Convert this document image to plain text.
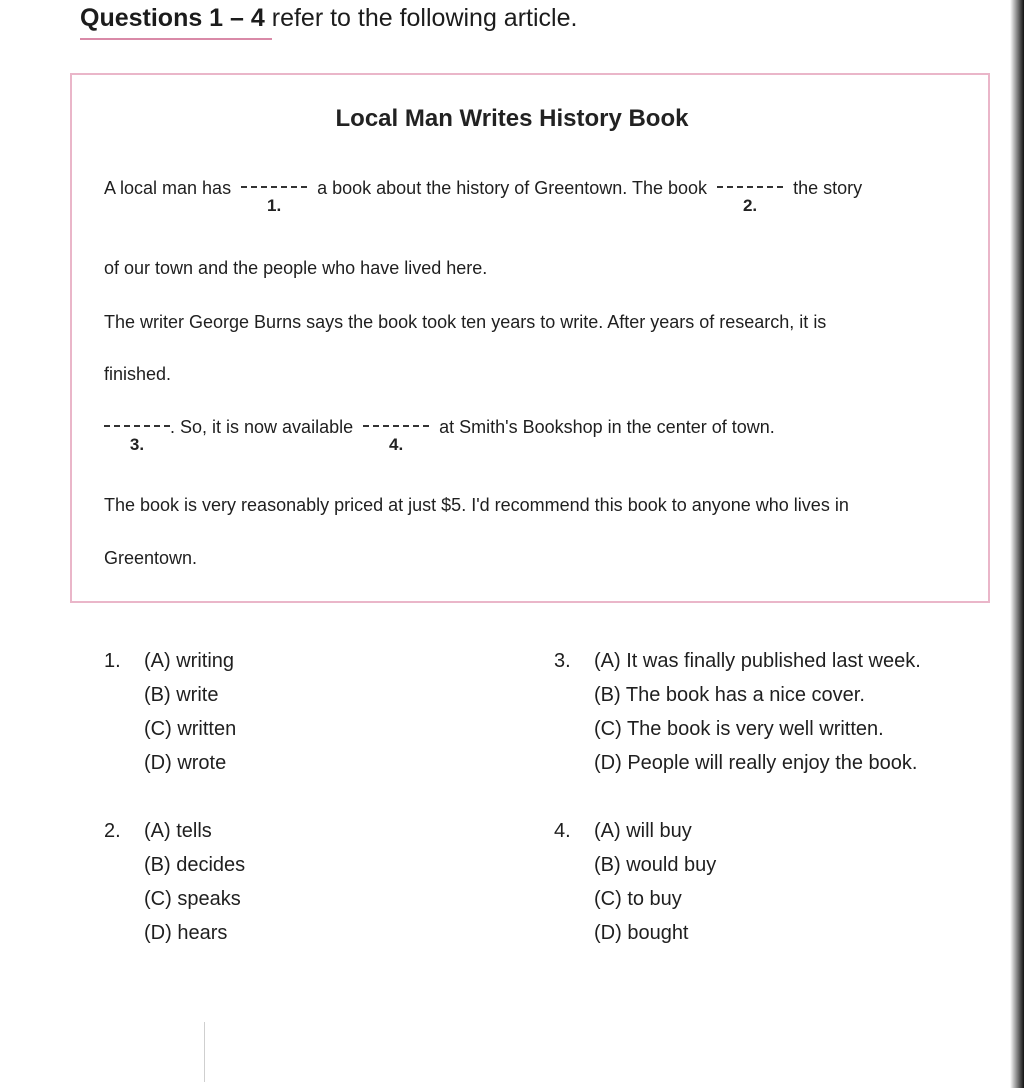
Questions 1 – 4 refer to the following article.
Local Man Writes History Book
A local man has
1.
a book about the history of Greentown. The book
2.
the story
of our town and the people who have lived here.
The writer George Burns says the book took ten years to write. After years of research, it is
finished.
3.
. So, it is now available
4.
at Smith's Bookshop in the center of town.
The book is very reasonably priced at just $5. I'd recommend this book to anyone who lives in
Greentown.
1. (A) writing
(B) write
(C) written
(D) wrote
2. (A) tells
(B) decides
(C) speaks
(D) hears
3. (A) It was finally published last week.
(B) The book has a nice cover.
(C) The book is very well written.
(D) People will really enjoy the book.
4. (A) will buy
(B) would buy
(C) to buy
(D) bought
